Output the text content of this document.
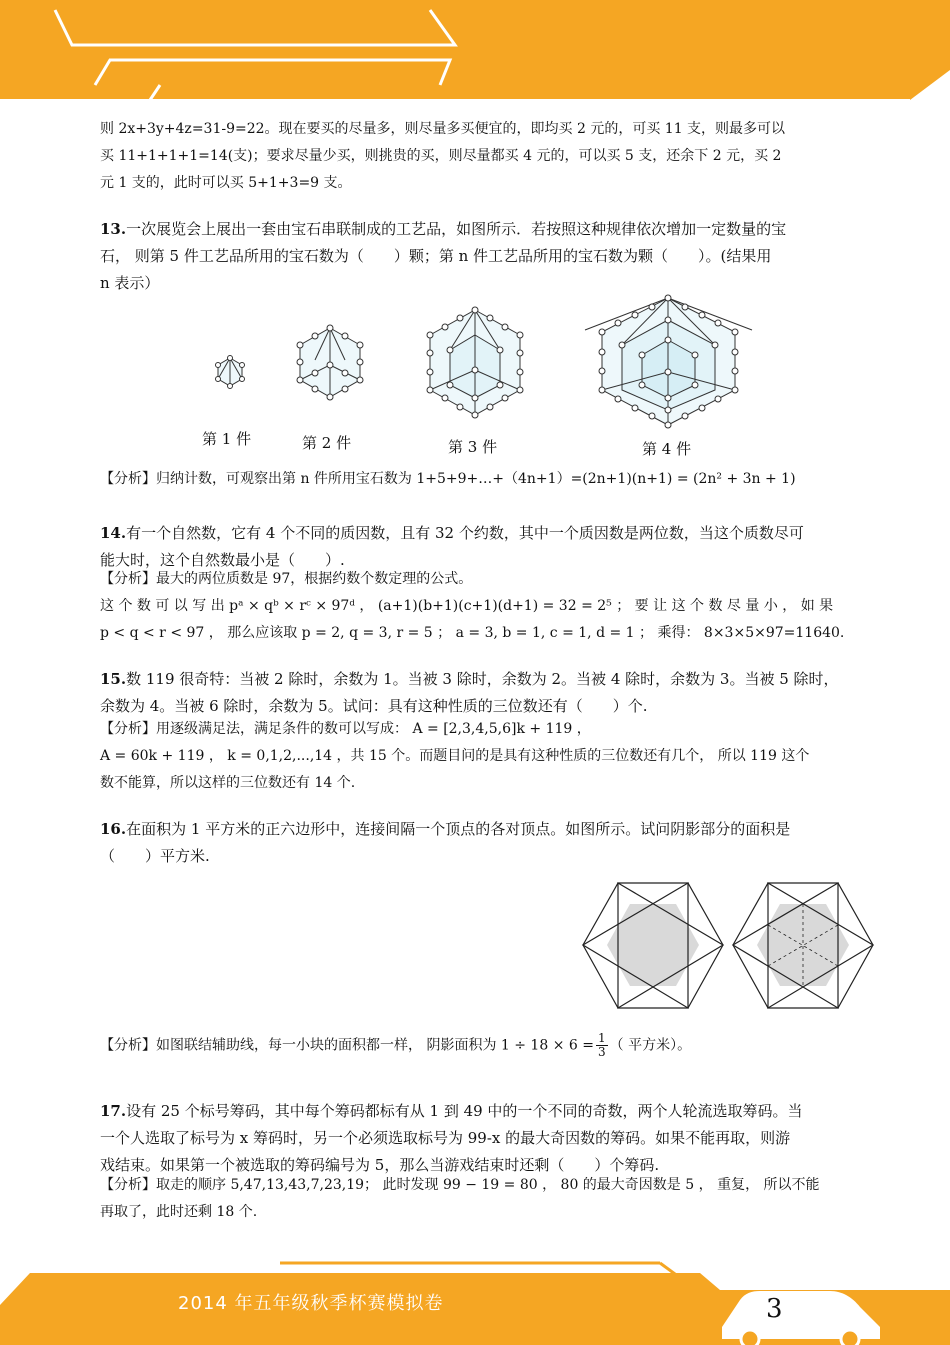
则 2x+3y+4z=31-9=22。现在要买的尽量多，则尽量多买便宜的，即均买 2 元的，可买 11 支，则最多可以
买 11+1+1+1=14(支)；要求尽量少买，则挑贵的买，则尽量都买 4 元的，可以买 5 支，还余下 2 元，买 2
元 1 支的，此时可以买 5+1+3=9 支。
13.一次展览会上展出一套由宝石串联制成的工艺品，如图所示．若按照这种规律依次增加一定数量的宝
石， 则第 5 件工艺品所用的宝石数为（　　）颗；第 n 件工艺品所用的宝石数为颗（　　）。(结果用
n 表示）
第 1 件	第 2 件	第 3 件	第 4 件
【分析】归纳计数，可观察出第 n 件所用宝石数为 1+5+9+…+（4n+1）=(2n+1)(n+1) = (2n² + 3n + 1)
14.有一个自然数，它有 4 个不同的质因数，且有 32 个约数，其中一个质因数是两位数，当这个质数尽可
能大时，这个自然数最小是（　　）.
【分析】最大的两位质数是 97，根据约数个数定理的公式。
这 个 数 可 以 写 出 pᵃ × qᵇ × rᶜ × 97ᵈ ， (a+1)(b+1)(c+1)(d+1) = 32 = 2⁵ ； 要 让 这 个 数 尽 量 小 ， 如 果
p < q < r < 97 ， 那么应该取 p = 2, q = 3, r = 5 ； a = 3, b = 1, c = 1, d = 1 ； 乘得： 8×3×5×97=11640.
15.数 119 很奇特：当被 2 除时，余数为 1。当被 3 除时，余数为 2。当被 4 除时，余数为 3。当被 5 除时，
余数为 4。当被 6 除时，余数为 5。试问：具有这种性质的三位数还有（　　）个.
【分析】用逐级满足法，满足条件的数可以写成： A = [2,3,4,5,6]k + 119 ，
A = 60k + 119 ， k = 0,1,2,...,14 ，共 15 个。而题目问的是具有这种性质的三位数还有几个， 所以 119 这个
数不能算，所以这样的三位数还有 14 个.
16.在面积为 1 平方米的正六边形中，连接间隔一个顶点的各对顶点。如图所示。试问阴影部分的面积是
（　　）平方米.
【分析】如图联结辅助线，每一小块的面积都一样， 阴影面积为 $1 \div 18 \times 6 = \frac{1}{3}$ （ 平方米）。
17.设有 25 个标号筹码，其中每个筹码都标有从 1 到 49 中的一个不同的奇数，两个人轮流选取筹码。当
一个人选取了标号为 x 筹码时，另一个必须选取标号为 99-x 的最大奇因数的筹码。如果不能再取，则游
戏结束。如果第一个被选取的筹码编号为 5，那么当游戏结束时还剩（　　）个筹码.
【分析】取走的顺序 5,47,13,43,7,23,19； 此时发现 99 − 19 = 80 ， 80 的最大奇因数是 5 ， 重复， 所以不能
再取了，此时还剩 18 个.
2014 年五年级秋季杯赛模拟卷	3
